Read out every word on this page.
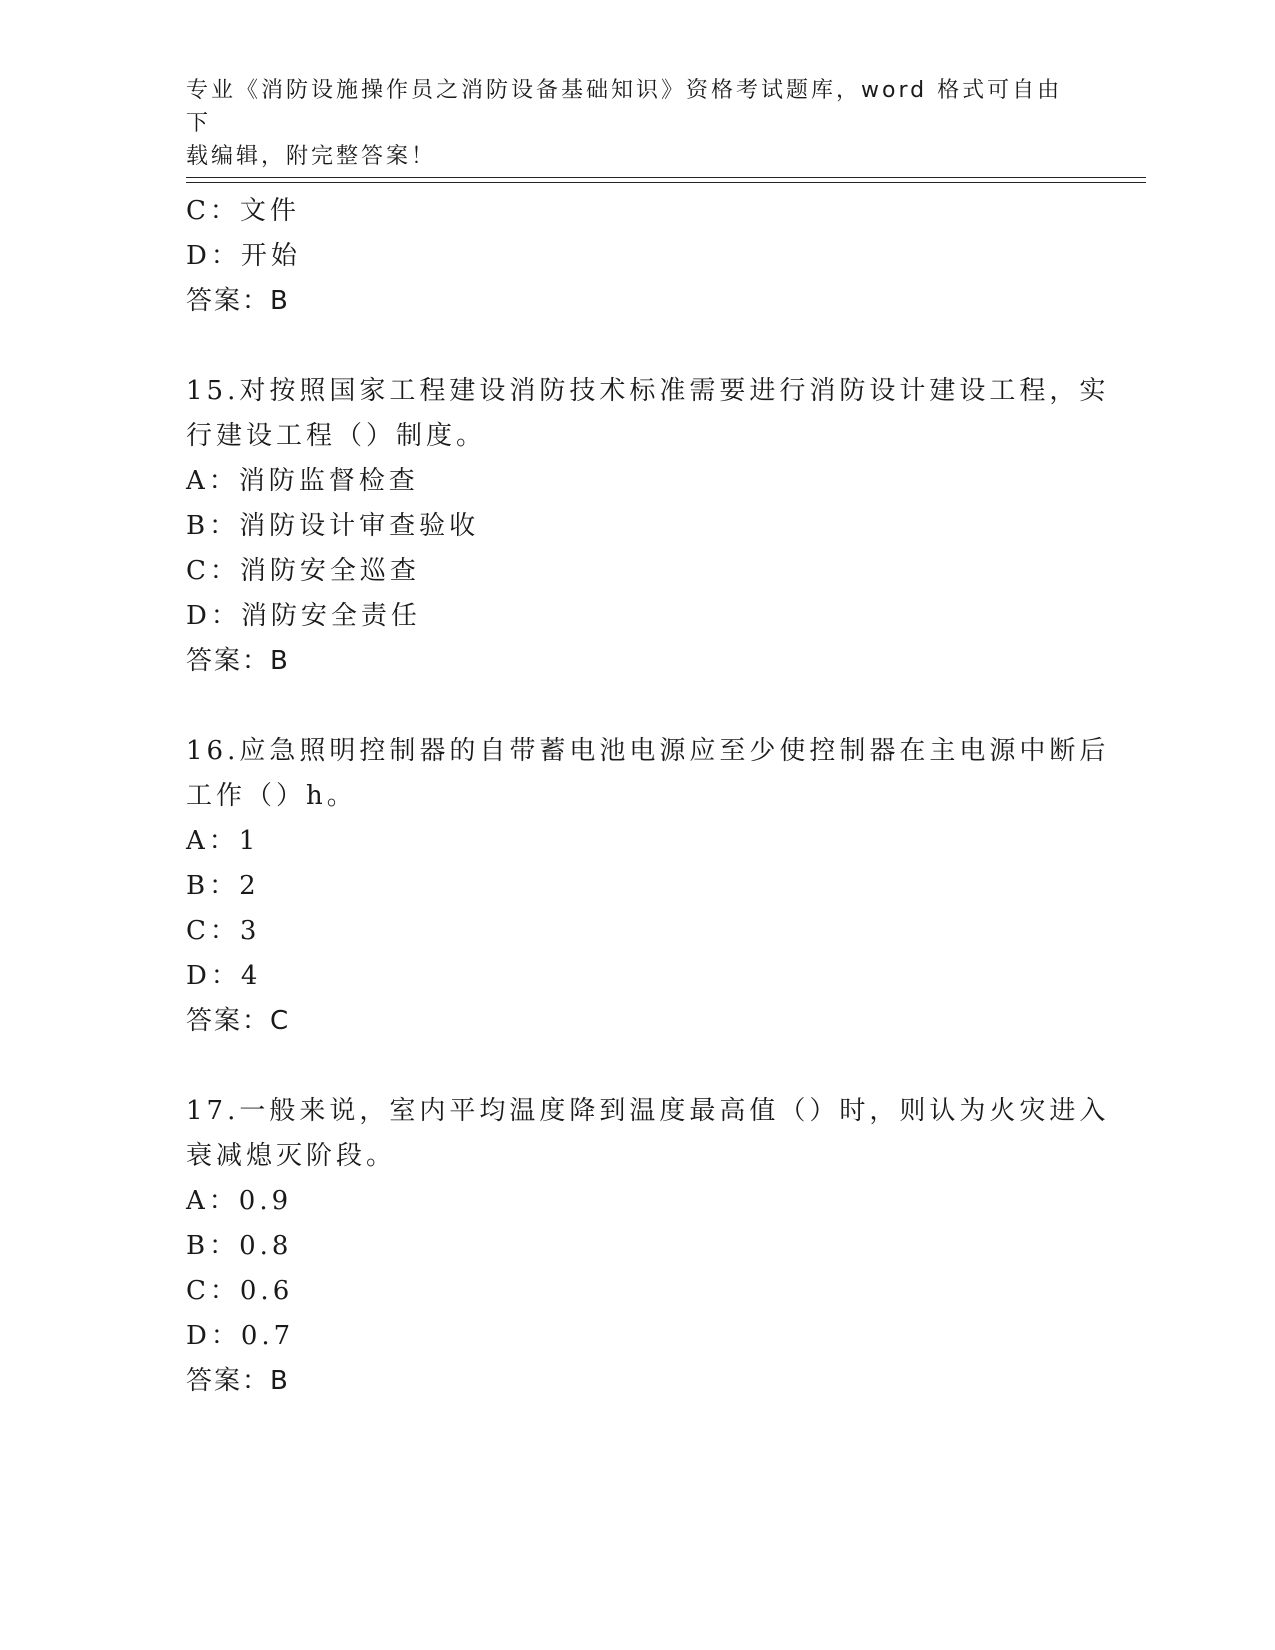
专业《消防设施操作员之消防设备基础知识》资格考试题库，word 格式可自由下
载编辑，附完整答案！
C：文件
D：开始
答案：B
15.对按照国家工程建设消防技术标准需要进行消防设计建设工程，实
行建设工程（）制度。
A：消防监督检查
B：消防设计审查验收
C：消防安全巡查
D：消防安全责任
答案：B
16.应急照明控制器的自带蓄电池电源应至少使控制器在主电源中断后
工作（）h。
A：1
B：2
C：3
D：4
答案：C
17.一般来说，室内平均温度降到温度最高值（）时，则认为火灾进入
衰减熄灭阶段。
A：0.9
B：0.8
C：0.6
D：0.7
答案：B
